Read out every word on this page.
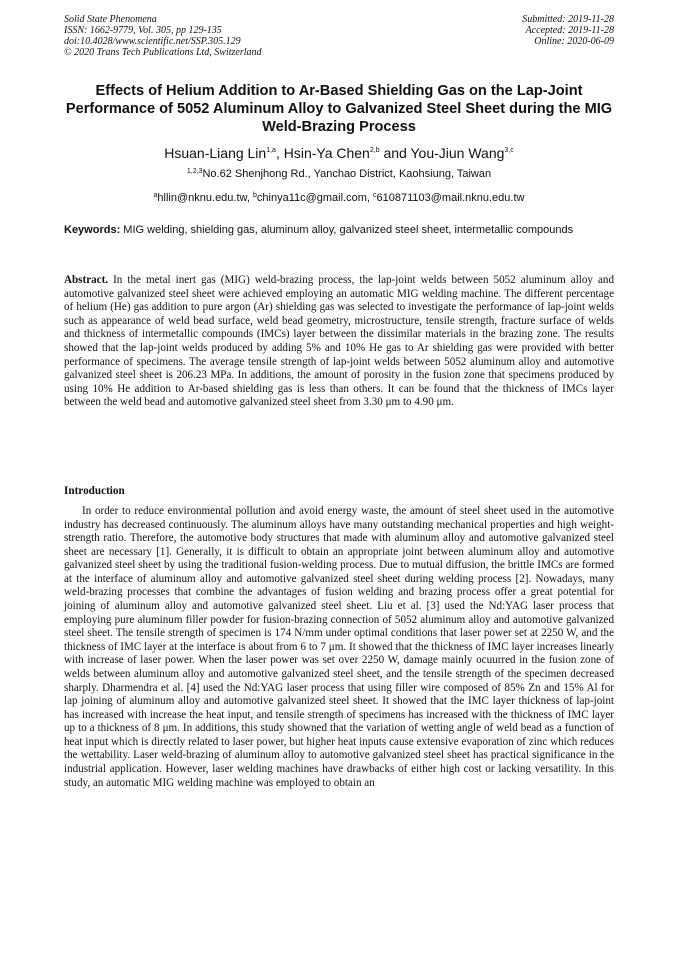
Solid State Phenomena
ISSN: 1662-9779, Vol. 305, pp 129-135
doi:10.4028/www.scientific.net/SSP.305.129
© 2020 Trans Tech Publications Ltd, Switzerland
Submitted: 2019-11-28
Accepted: 2019-11-28
Online: 2020-06-09
Effects of Helium Addition to Ar-Based Shielding Gas on the Lap-Joint Performance of 5052 Aluminum Alloy to Galvanized Steel Sheet during the MIG Weld-Brazing Process
Hsuan-Liang Lin$^{1,a}$, Hsin-Ya Chen$^{2,b}$ and You-Jiun Wang$^{3,c}$
$^{1,2,3}$No.62 Shenjhong Rd., Yanchao District, Kaohsiung, Taiwan
$^a$hllin@nknu.edu.tw, $^b$chinya11c@gmail.com, $^c$610871103@mail.nknu.edu.tw
Keywords: MIG welding, shielding gas, aluminum alloy, galvanized steel sheet, intermetallic compounds
Abstract. In the metal inert gas (MIG) weld-brazing process, the lap-joint welds between 5052 aluminum alloy and automotive galvanized steel sheet were achieved employing an automatic MIG welding machine. The different percentage of helium (He) gas addition to pure argon (Ar) shielding gas was selected to investigate the performance of lap-joint welds such as appearance of weld bead surface, weld bead geometry, microstructure, tensile strength, fracture surface of welds and thickness of intermetallic compounds (IMCs) layer between the dissimilar materials in the brazing zone. The results showed that the lap-joint welds produced by adding 5% and 10% He gas to Ar shielding gas were provided with better performance of specimens. The average tensile strength of lap-joint welds between 5052 aluminum alloy and automotive galvanized steel sheet is 206.23 MPa. In additions, the amount of porosity in the fusion zone that specimens produced by using 10% He addition to Ar-based shielding gas is less than others. It can be found that the thickness of IMCs layer between the weld bead and automotive galvanized steel sheet from 3.30 μm to 4.90 μm.
Introduction
In order to reduce environmental pollution and avoid energy waste, the amount of steel sheet used in the automotive industry has decreased continuously. The aluminum alloys have many outstanding mechanical properties and high weight-strength ratio. Therefore, the automotive body structures that made with aluminum alloy and automotive galvanized steel sheet are necessary [1]. Generally, it is difficult to obtain an appropriate joint between aluminum alloy and automotive galvanized steel sheet by using the traditional fusion-welding process. Due to mutual diffusion, the brittle IMCs are formed at the interface of aluminum alloy and automotive galvanized steel sheet during welding process [2]. Nowadays, many weld-brazing processes that combine the advantages of fusion welding and brazing process offer a great potential for joining of aluminum alloy and automotive galvanized steel sheet. Liu et al. [3] used the Nd:YAG laser process that employing pure aluminum filler powder for fusion-brazing connection of 5052 aluminum alloy and automotive galvanized steel sheet. The tensile strength of specimen is 174 N/mm under optimal conditions that laser power set at 2250 W, and the thickness of IMC layer at the interface is about from 6 to 7 μm. It showed that the thickness of IMC layer increases linearly with increase of laser power. When the laser power was set over 2250 W, damage mainly ocuurred in the fusion zone of welds between aluminum alloy and automotive galvanized steel sheet, and the tensile strength of the specimen decreased sharply. Dharmendra et al. [4] used the Nd:YAG laser process that using filler wire composed of 85% Zn and 15% Al for lap joining of aluminum alloy and automotive galvanized steel sheet. It showed that the IMC layer thickness of lap-joint has increased with increase the heat input, and tensile strength of specimens has increased with the thickness of IMC layer up to a thickness of 8 μm. In additions, this study showned that the variation of wetting angle of weld bead as a function of heat input which is directly related to laser power, but higher heat inputs cause extensive evaporation of zinc which reduces the wettability. Laser weld-brazing of aluminum alloy to automotive galvanized steel sheet has practical significance in the industrial application. However, laser welding machines have drawbacks of either high cost or lacking versatility. In this study, an automatic MIG welding machine was employed to obtain an
